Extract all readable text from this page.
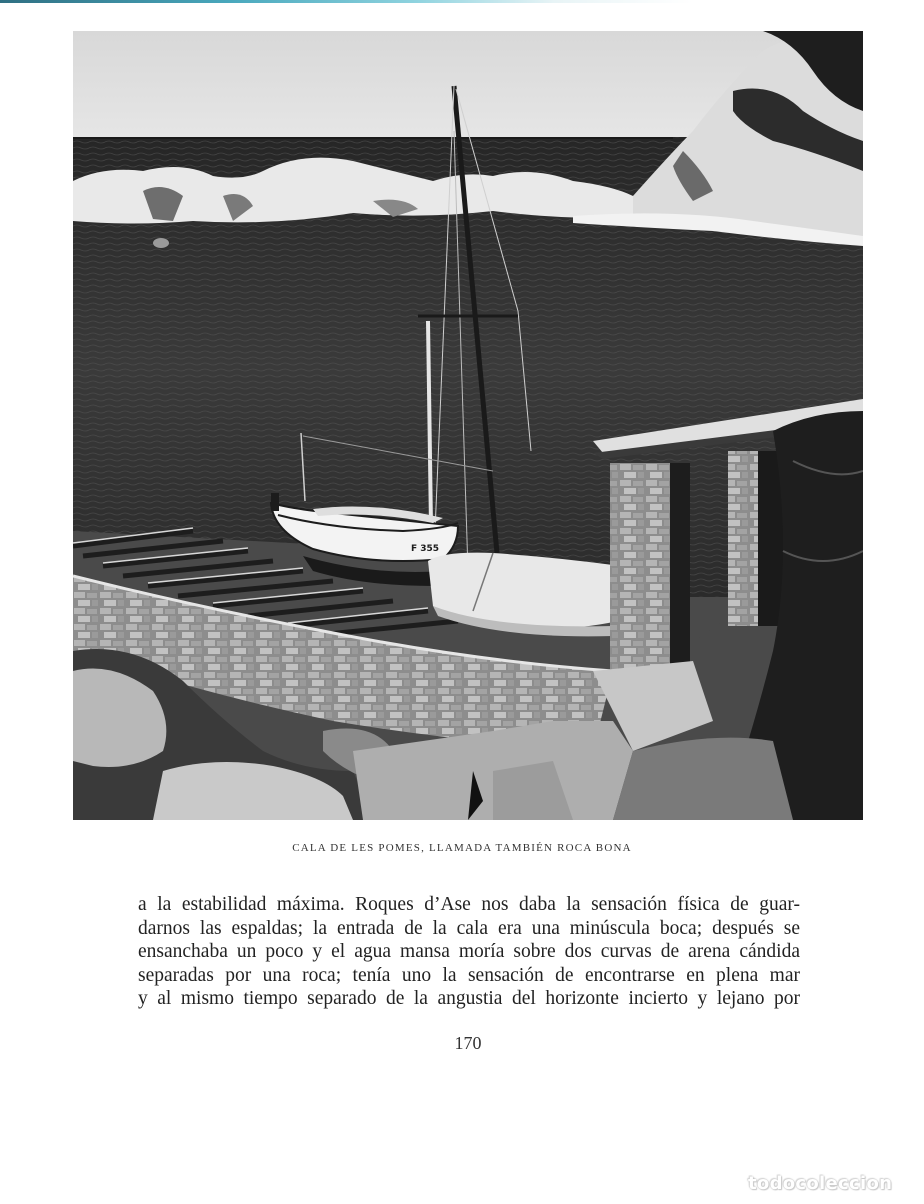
F 355
CALA DE LES POMES, LLAMADA TAMBIÉN ROCA BONA
a la estabilidad máxima. Roques d’Ase nos daba la sensación física de guar-
darnos las espaldas; la entrada de la cala era una minúscula boca; después se
ensanchaba un poco y el agua mansa moría sobre dos curvas de arena cándida
separadas por una roca; tenía uno la sensación de encontrarse en plena mar
y al mismo tiempo separado de la angustia del horizonte incierto y lejano por
170
todocoleccion
